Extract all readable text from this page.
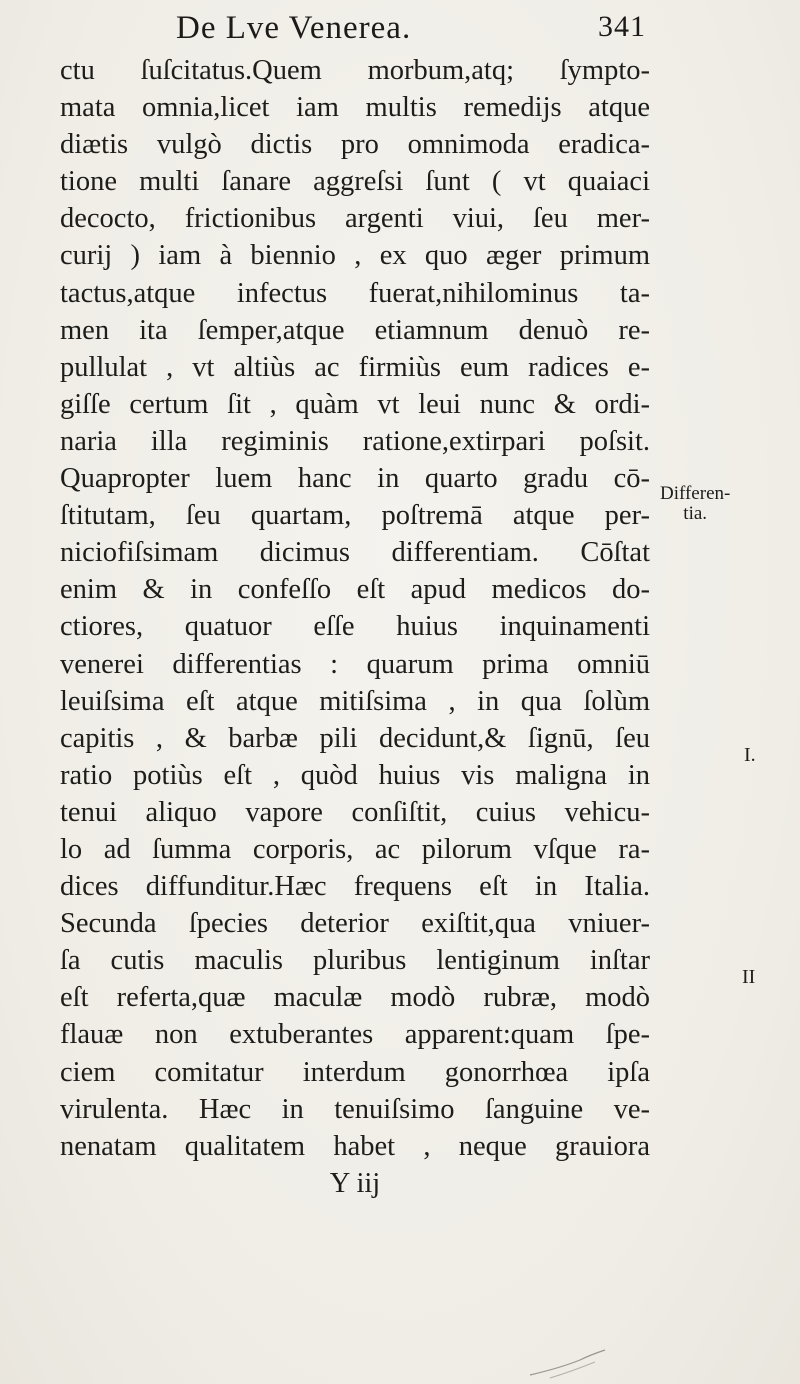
De Lve Venerea.	341
ctu ſuſcitatus.Quem morbum,atq; ſympto-
mata omnia,licet iam multis remedijs atque
diætis vulgò dictis pro omnimoda eradica-
tione multi ſanare aggreſsi ſunt ( vt quaiaci
decocto, frictionibus argenti viui, ſeu mer-
curij ) iam à biennio , ex quo æger primum
tactus,atque infectus fuerat,nihilominus ta-
men ita ſemper,atque etiamnum denuò re-
pullulat , vt altiùs ac firmiùs eum radices e-
giſſe certum ſit , quàm vt leui nunc & ordi-
naria illa regiminis ratione,extirpari poſsit.
Quapropter luem hanc in quarto gradu cō-
ſtitutam, ſeu quartam, poſtremā atque per-
niciofiſsimam dicimus differentiam. Cōſtat
enim & in confeſſo eſt apud medicos do-
ctiores, quatuor eſſe huius inquinamenti
venerei differentias : quarum prima omniū
leuiſsima eſt atque mitiſsima , in qua ſolùm
capitis , & barbæ pili decidunt,& ſignū, ſeu
ratio potiùs eſt , quòd huius vis maligna in
tenui aliquo vapore conſiſtit, cuius vehicu-
lo ad ſumma corporis, ac pilorum vſque ra-
dices diffunditur.Hæc frequens eſt in Italia.
Secunda ſpecies deterior exiſtit,qua vniuer-
ſa cutis maculis pluribus lentiginum inſtar
eſt referta,quæ maculæ modò rubræ, modò
flauæ non extuberantes apparent:quam ſpe-
ciem comitatur interdum gonorrhœa ipſa
virulenta. Hæc in tenuiſsimo ſanguine ve-
nenatam qualitatem habet , neque grauiora
Y iij
Differen-
tia.
I.
II
